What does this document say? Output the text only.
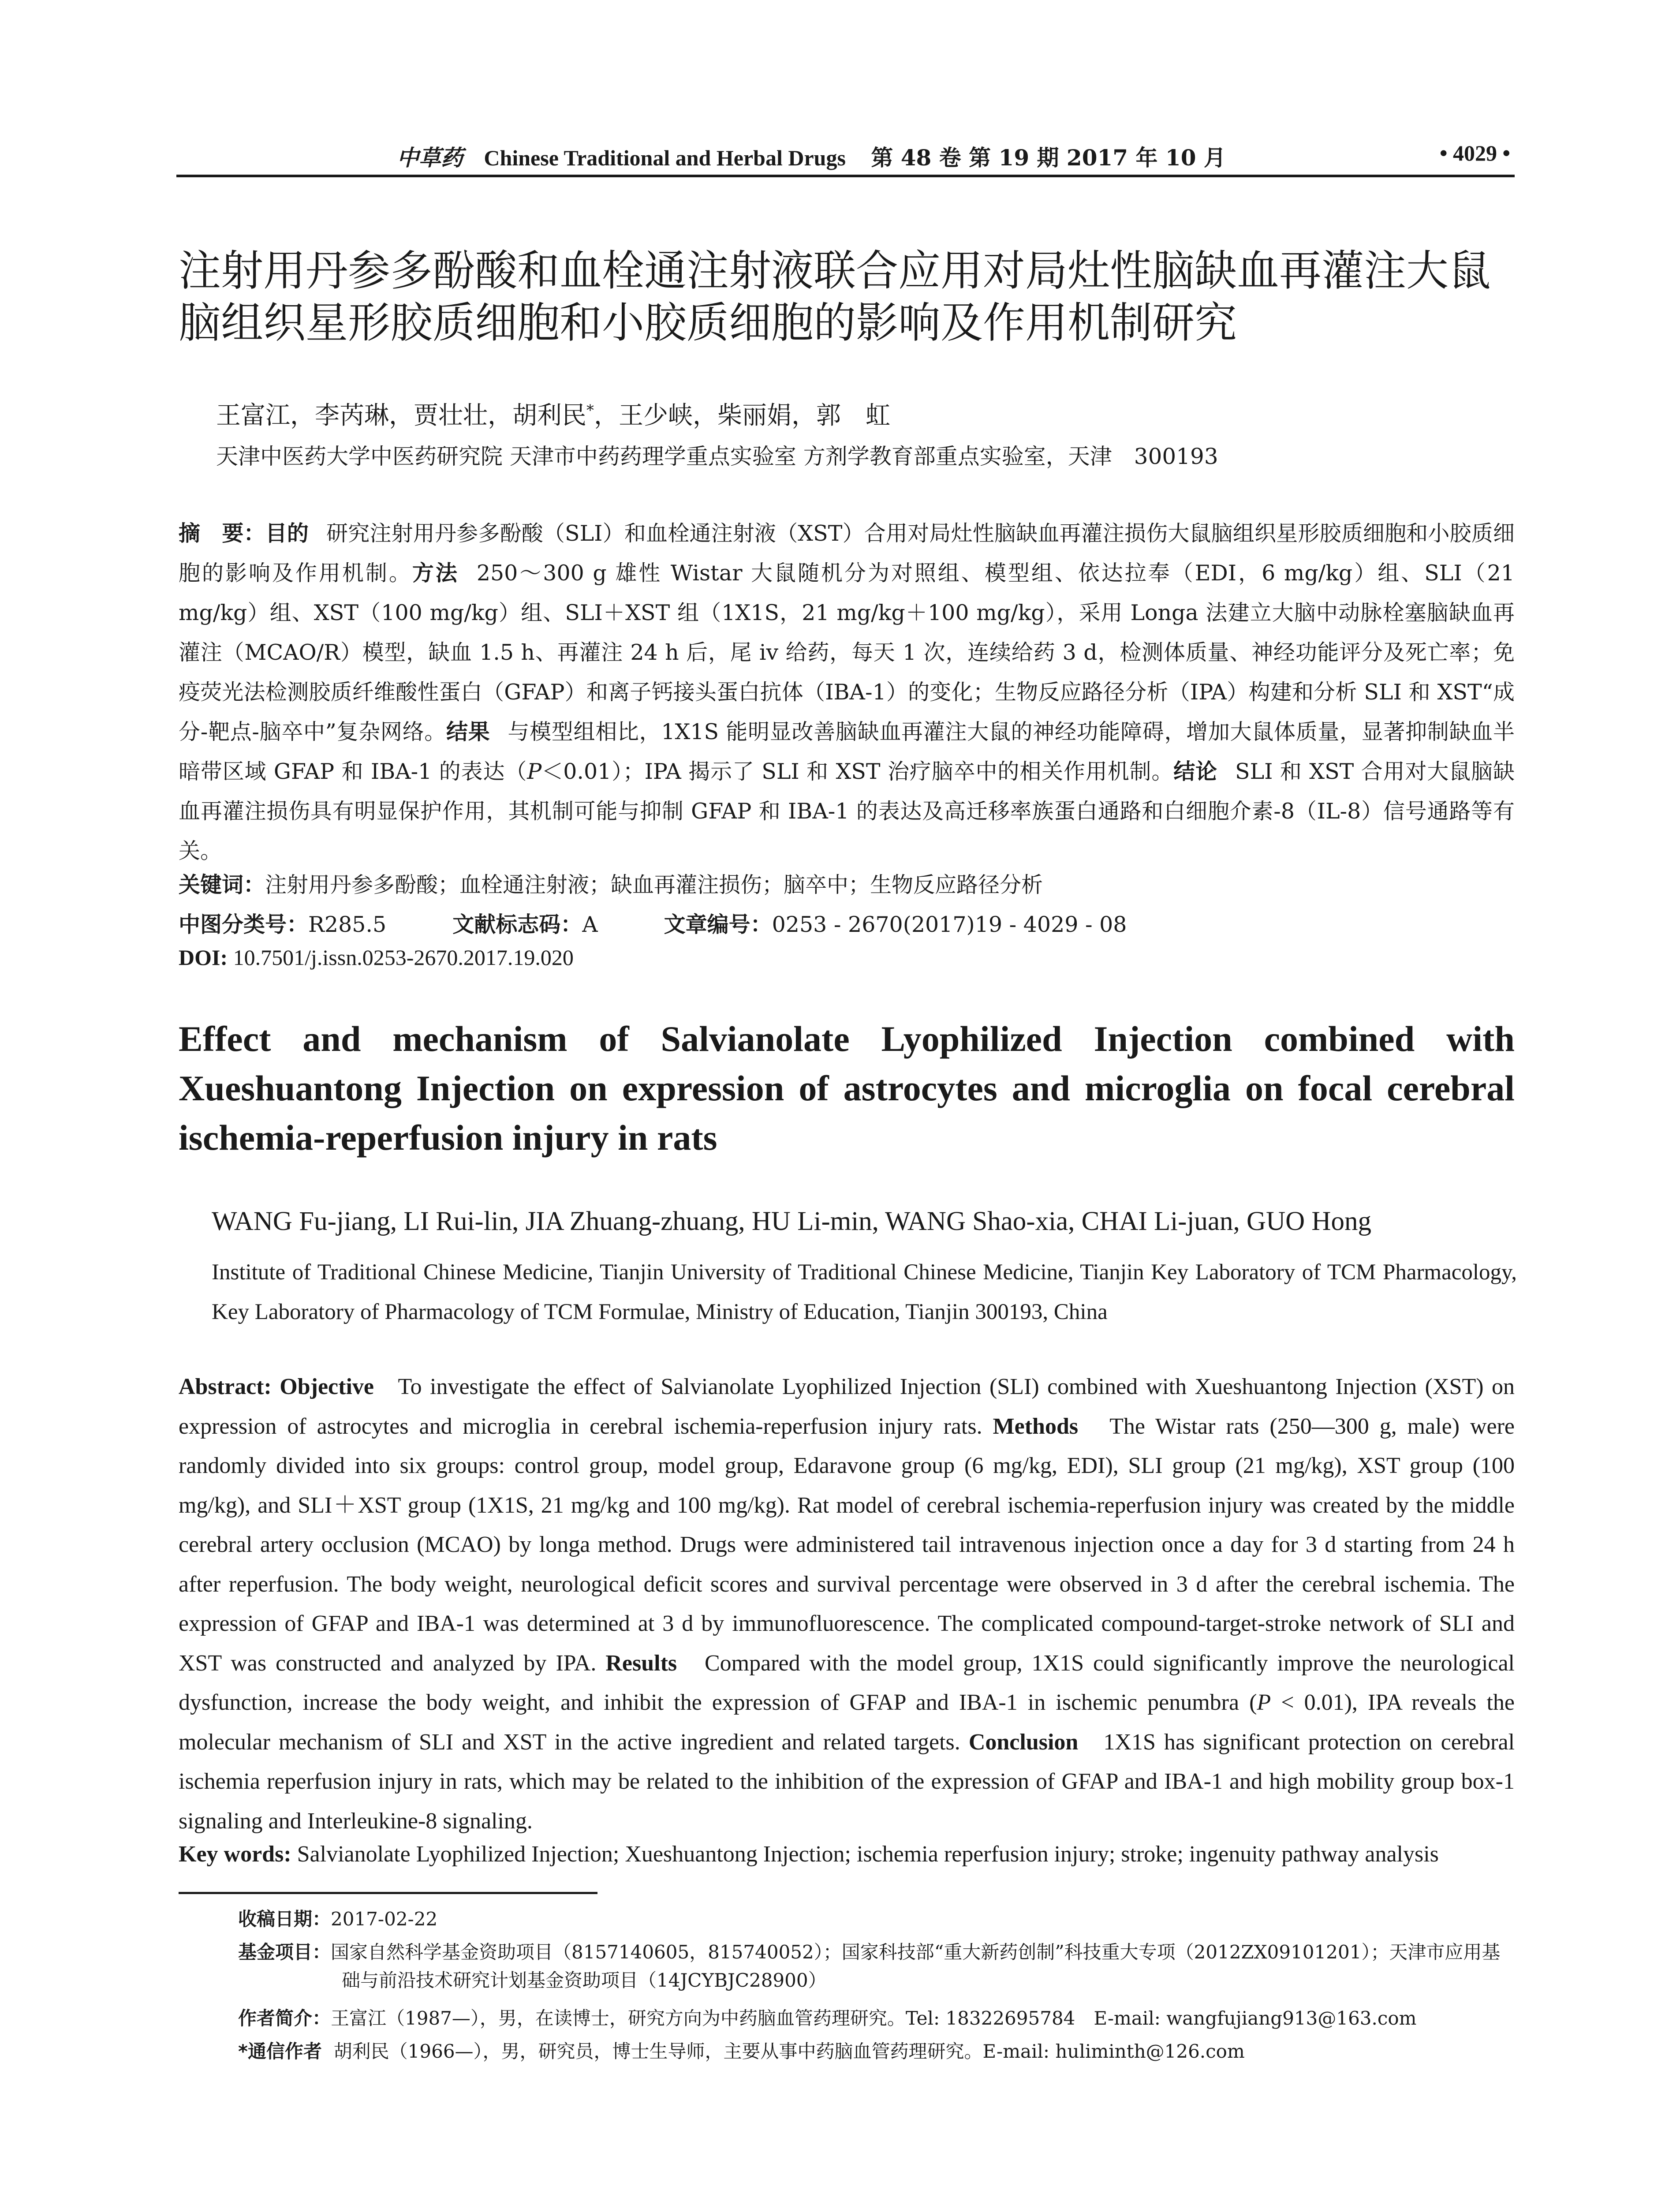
中草药 Chinese Traditional and Herbal Drugs 第 48 卷 第 19 期 2017 年 10 月	• 4029 •
注射用丹参多酚酸和血栓通注射液联合应用对局灶性脑缺血再灌注大鼠脑组织星形胶质细胞和小胶质细胞的影响及作用机制研究
王富江，李芮琳，贾壮壮，胡利民*，王少峡，柴丽娟，郭　虹
天津中医药大学中医药研究院 天津市中药药理学重点实验室 方剂学教育部重点实验室，天津　300193
摘　要：目的 研究注射用丹参多酚酸（SLI）和血栓通注射液（XST）合用对局灶性脑缺血再灌注损伤大鼠脑组织星形胶质细胞和小胶质细胞的影响及作用机制。方法 250～300 g 雄性 Wistar 大鼠随机分为对照组、模型组、依达拉奉（EDI，6 mg/kg）组、SLI（21 mg/kg）组、XST（100 mg/kg）组、SLI＋XST 组（1X1S，21 mg/kg＋100 mg/kg），采用 Longa 法建立大脑中动脉栓塞脑缺血再灌注（MCAO/R）模型，缺血 1.5 h、再灌注 24 h 后，尾 iv 给药，每天 1 次，连续给药 3 d，检测体质量、神经功能评分及死亡率；免疫荧光法检测胶质纤维酸性蛋白（GFAP）和离子钙接头蛋白抗体（IBA-1）的变化；生物反应路径分析（IPA）构建和分析 SLI 和 XST“成分-靶点-脑卒中”复杂网络。结果 与模型组相比，1X1S 能明显改善脑缺血再灌注大鼠的神经功能障碍，增加大鼠体质量，显著抑制缺血半暗带区域 GFAP 和 IBA-1 的表达（P＜0.01）；IPA 揭示了 SLI 和 XST 治疗脑卒中的相关作用机制。结论 SLI 和 XST 合用对大鼠脑缺血再灌注损伤具有明显保护作用，其机制可能与抑制 GFAP 和 IBA-1 的表达及高迁移率族蛋白通路和白细胞介素-8（IL-8）信号通路等有关。
关键词：注射用丹参多酚酸；血栓通注射液；缺血再灌注损伤；脑卒中；生物反应路径分析
中图分类号：R285.5	文献标志码：A	文章编号：0253 - 2670(2017)19 - 4029 - 08
DOI: 10.7501/j.issn.0253-2670.2017.19.020
Effect and mechanism of Salvianolate Lyophilized Injection combined with Xueshuantong Injection on expression of astrocytes and microglia on focal cerebral ischemia-reperfusion injury in rats
WANG Fu-jiang, LI Rui-lin, JIA Zhuang-zhuang, HU Li-min, WANG Shao-xia, CHAI Li-juan, GUO Hong
Institute of Traditional Chinese Medicine, Tianjin University of Traditional Chinese Medicine, Tianjin Key Laboratory of TCM Pharmacology, Key Laboratory of Pharmacology of TCM Formulae, Ministry of Education, Tianjin 300193, China
Abstract: Objective To investigate the effect of Salvianolate Lyophilized Injection (SLI) combined with Xueshuantong Injection (XST) on expression of astrocytes and microglia in cerebral ischemia-reperfusion injury rats. Methods The Wistar rats (250—300 g, male) were randomly divided into six groups: control group, model group, Edaravone group (6 mg/kg, EDI), SLI group (21 mg/kg), XST group (100 mg/kg), and SLI＋XST group (1X1S, 21 mg/kg and 100 mg/kg). Rat model of cerebral ischemia-reperfusion injury was created by the middle cerebral artery occlusion (MCAO) by longa method. Drugs were administered tail intravenous injection once a day for 3 d starting from 24 h after reperfusion. The body weight, neurological deficit scores and survival percentage were observed in 3 d after the cerebral ischemia. The expression of GFAP and IBA-1 was determined at 3 d by immunofluorescence. The complicated compound-target-stroke network of SLI and XST was constructed and analyzed by IPA. Results Compared with the model group, 1X1S could significantly improve the neurological dysfunction, increase the body weight, and inhibit the expression of GFAP and IBA-1 in ischemic penumbra (P < 0.01), IPA reveals the molecular mechanism of SLI and XST in the active ingredient and related targets. Conclusion 1X1S has significant protection on cerebral ischemia reperfusion injury in rats, which may be related to the inhibition of the expression of GFAP and IBA-1 and high mobility group box-1 signaling and Interleukine-8 signaling.
Key words: Salvianolate Lyophilized Injection; Xueshuantong Injection; ischemia reperfusion injury; stroke; ingenuity pathway analysis
收稿日期：2017-02-22
基金项目：国家自然科学基金资助项目（8157140605，815740052）；国家科技部“重大新药创制”科技重大专项（2012ZX09101201）；天津市应用基础与前沿技术研究计划基金资助项目（14JCYBJC28900）
作者简介：王富江（1987—），男，在读博士，研究方向为中药脑血管药理研究。Tel: 18322695784　E-mail: wangfujiang913@163.com
*通信作者 胡利民（1966—），男，研究员，博士生导师，主要从事中药脑血管药理研究。E-mail: huliminth@126.com
